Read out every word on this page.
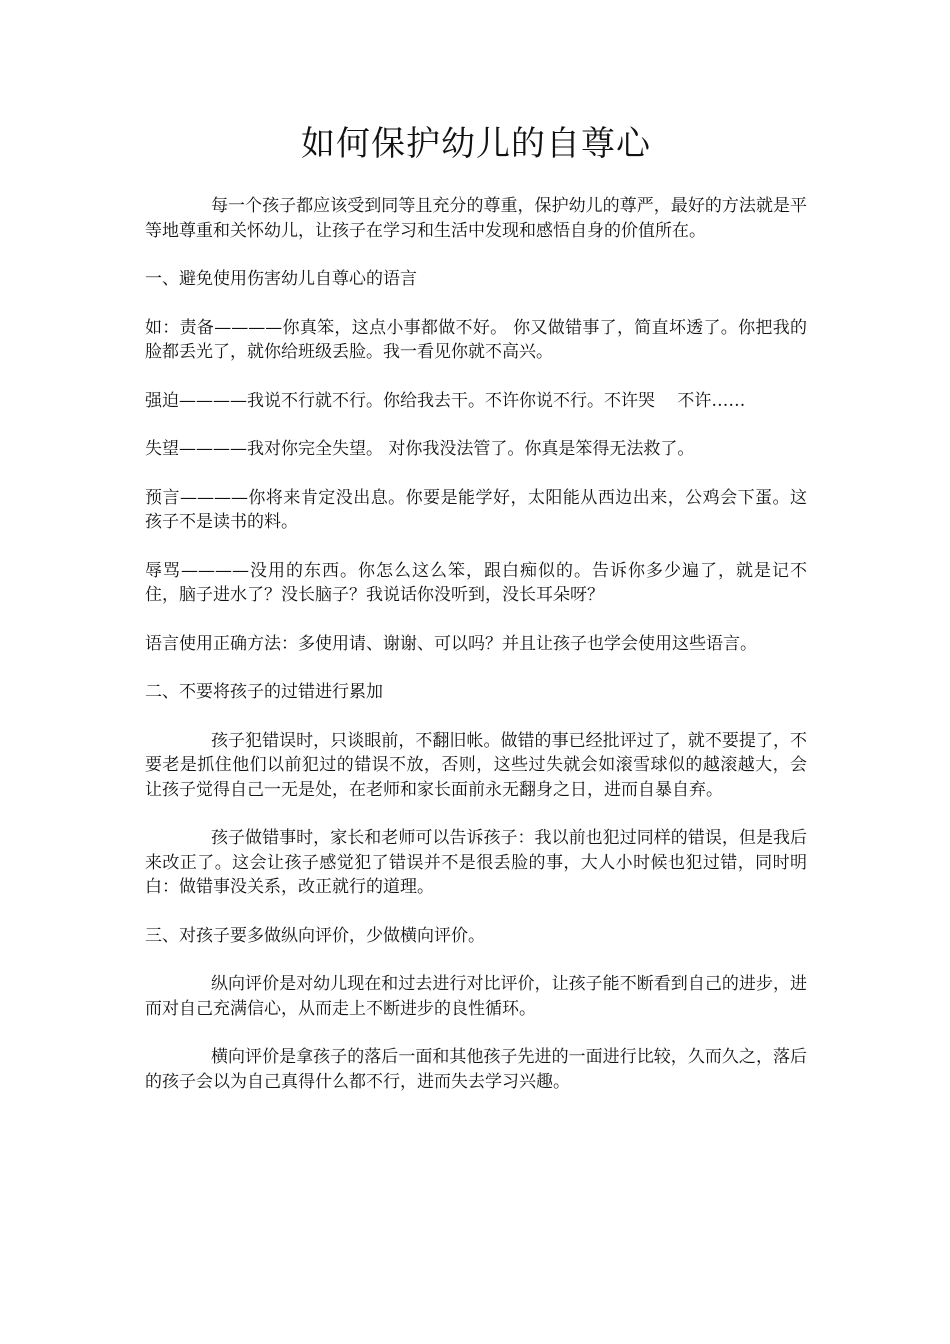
如何保护幼儿的自尊心

每一个孩子都应该受到同等且充分的尊重，保护幼儿的尊严，最好的方法就是平等地尊重和关怀幼儿，让孩子在学习和生活中发现和感悟自身的价值所在。

一、避免使用伤害幼儿自尊心的语言

如：责备————你真笨，这点小事都做不好。 你又做错事了，简直坏透了。你把我的脸都丢光了，就你给班级丢脸。我一看见你就不高兴。

强迫————我说不行就不行。你给我去干。不许你说不行。不许哭　 不许……

失望————我对你完全失望。 对你我没法管了。你真是笨得无法救了。

预言————你将来肯定没出息。你要是能学好，太阳能从西边出来，公鸡会下蛋。这孩子不是读书的料。

辱骂————没用的东西。你怎么这么笨，跟白痴似的。告诉你多少遍了，就是记不住，脑子进水了？没长脑子？我说话你没听到，没长耳朵呀？

语言使用正确方法：多使用请、谢谢、可以吗？并且让孩子也学会使用这些语言。

二、不要将孩子的过错进行累加

孩子犯错误时，只谈眼前，不翻旧帐。做错的事已经批评过了，就不要提了，不要老是抓住他们以前犯过的错误不放，否则，这些过失就会如滚雪球似的越滚越大，会让孩子觉得自己一无是处，在老师和家长面前永无翻身之日，进而自暴自弃。

孩子做错事时，家长和老师可以告诉孩子：我以前也犯过同样的错误，但是我后来改正了。这会让孩子感觉犯了错误并不是很丢脸的事，大人小时候也犯过错，同时明白：做错事没关系，改正就行的道理。

三、对孩子要多做纵向评价，少做横向评价。

纵向评价是对幼儿现在和过去进行对比评价，让孩子能不断看到自己的进步，进而对自己充满信心，从而走上不断进步的良性循环。

横向评价是拿孩子的落后一面和其他孩子先进的一面进行比较，久而久之，落后的孩子会以为自己真得什么都不行，进而失去学习兴趣。
